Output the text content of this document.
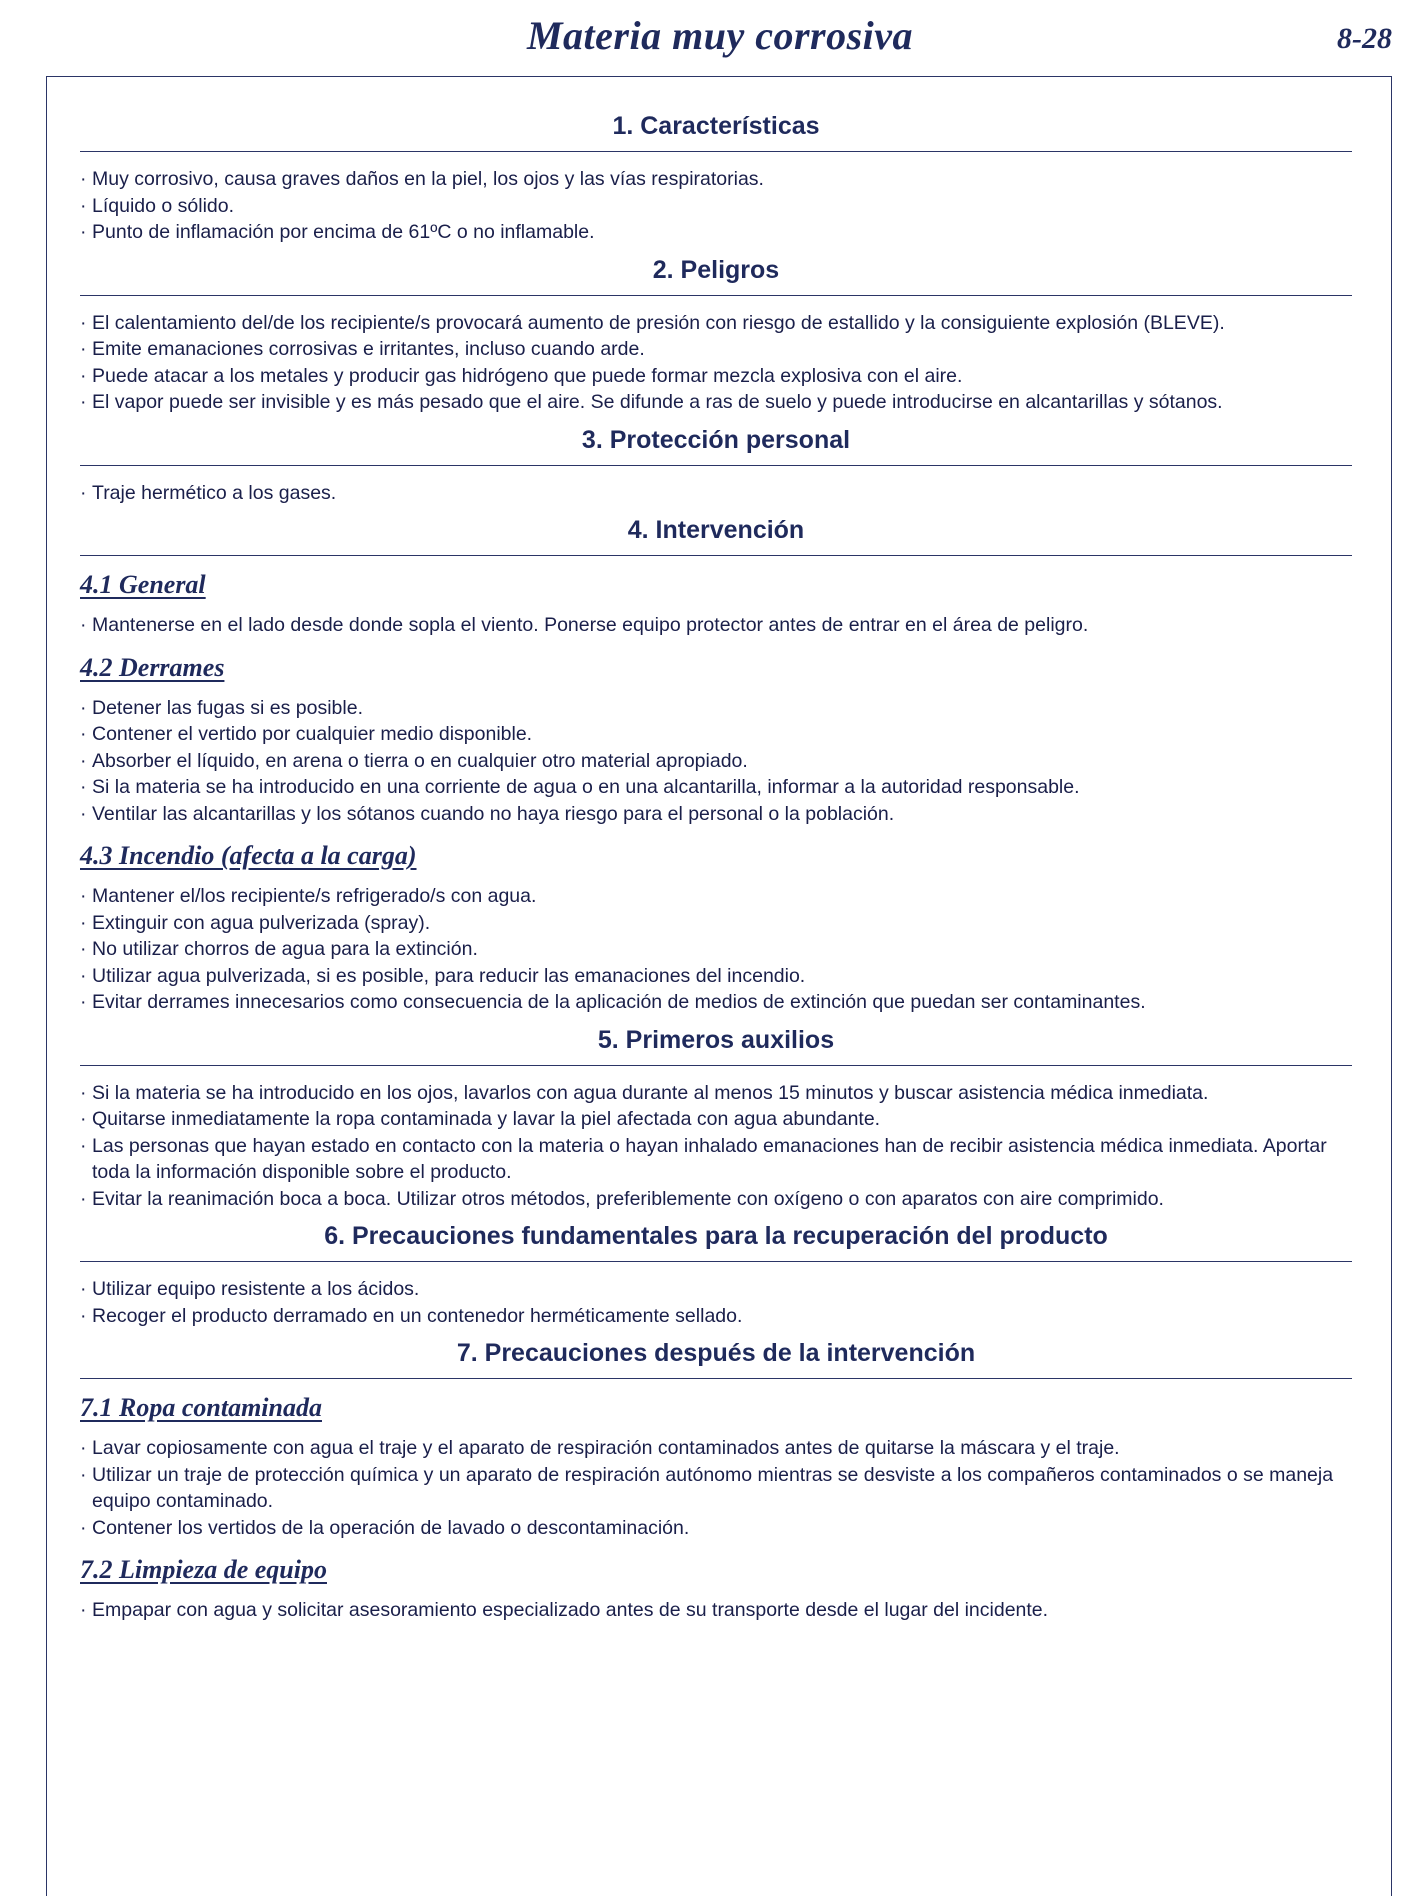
Materia muy corrosiva	8-28
1. Características
· Muy corrosivo, causa graves daños en la piel, los ojos y las vías respiratorias.
· Líquido o sólido.
· Punto de inflamación por encima de 61ºC o no inflamable.
2. Peligros
· El calentamiento del/de los recipiente/s provocará aumento de presión con riesgo de estallido y la consiguiente explosión (BLEVE).
· Emite emanaciones corrosivas e irritantes, incluso cuando arde.
· Puede atacar a los metales y producir gas hidrógeno que puede formar mezcla explosiva con el aire.
· El vapor puede ser invisible y es más pesado que el aire. Se difunde a ras de suelo y puede introducirse en alcantarillas y sótanos.
3. Protección personal
· Traje hermético a los gases.
4. Intervención
4.1 General
· Mantenerse en el lado desde donde sopla el viento. Ponerse equipo protector antes de entrar en el área de peligro.
4.2 Derrames
· Detener las fugas si es posible.
· Contener el vertido por cualquier medio disponible.
· Absorber el líquido, en arena o tierra o en cualquier otro material apropiado.
· Si la materia se ha introducido en una corriente de agua o en una alcantarilla, informar a la autoridad responsable.
· Ventilar las alcantarillas y los sótanos cuando no haya riesgo para el personal o la población.
4.3 Incendio (afecta a la carga)
· Mantener el/los recipiente/s refrigerado/s con agua.
· Extinguir con agua pulverizada (spray).
· No utilizar chorros de agua para la extinción.
· Utilizar agua pulverizada, si es posible, para reducir las emanaciones del incendio.
· Evitar derrames innecesarios como consecuencia de la aplicación de medios de extinción que puedan ser contaminantes.
5. Primeros auxilios
· Si la materia se ha introducido en los ojos, lavarlos con agua durante al menos 15 minutos y buscar asistencia médica inmediata.
· Quitarse inmediatamente la ropa contaminada y lavar la piel afectada con agua abundante.
· Las personas que hayan estado en contacto con la materia o hayan inhalado emanaciones han de recibir asistencia médica inmediata. Aportar toda la información disponible sobre el producto.
· Evitar la reanimación boca a boca. Utilizar otros métodos, preferiblemente con oxígeno o con aparatos con aire comprimido.
6. Precauciones fundamentales para la recuperación del producto
· Utilizar equipo resistente a los ácidos.
· Recoger el producto derramado en un contenedor herméticamente sellado.
7. Precauciones después de la intervención
7.1 Ropa contaminada
· Lavar copiosamente con agua el traje y el aparato de respiración contaminados antes de quitarse la máscara y el traje.
· Utilizar un traje de protección química y un aparato de respiración autónomo mientras se desviste a los compañeros contaminados o se maneja equipo contaminado.
· Contener los vertidos de la operación de lavado o descontaminación.
7.2 Limpieza de equipo
· Empapar con agua y solicitar asesoramiento especializado antes de su transporte desde el lugar del incidente.
